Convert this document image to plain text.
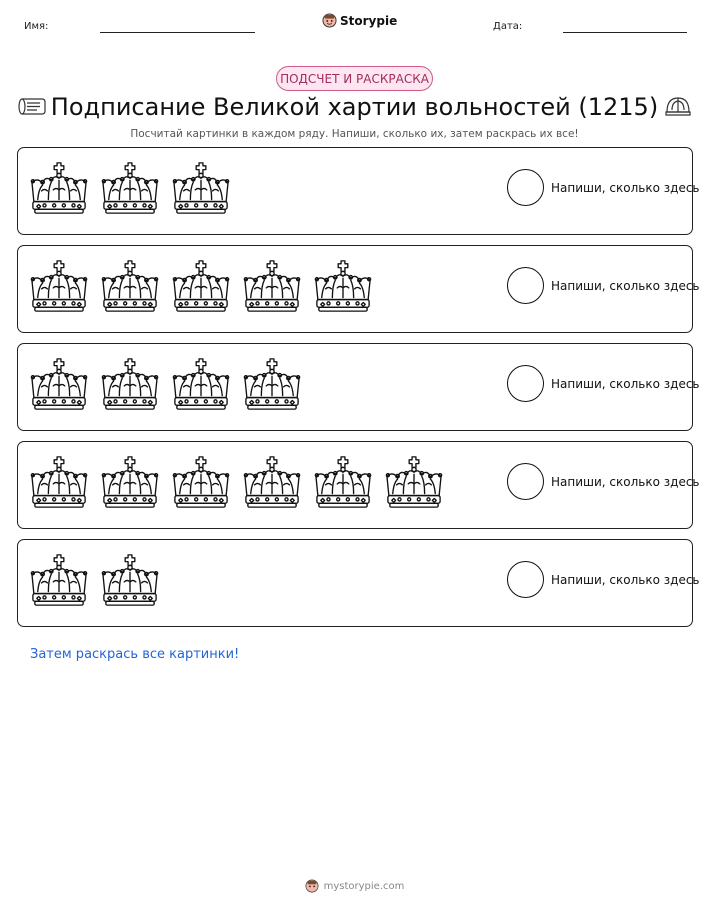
Имя:	Storypie	Дата:
ПОДСЧЕТ И РАСКРАСКА
Подписание Великой хартии вольностей (1215)
Посчитай картинки в каждом ряду. Напиши, сколько их, затем раскрась их все!
Напиши, сколько здесь
Напиши, сколько здесь
Напиши, сколько здесь
Напиши, сколько здесь
Напиши, сколько здесь
Затем раскрась все картинки!
mystorypie.com
